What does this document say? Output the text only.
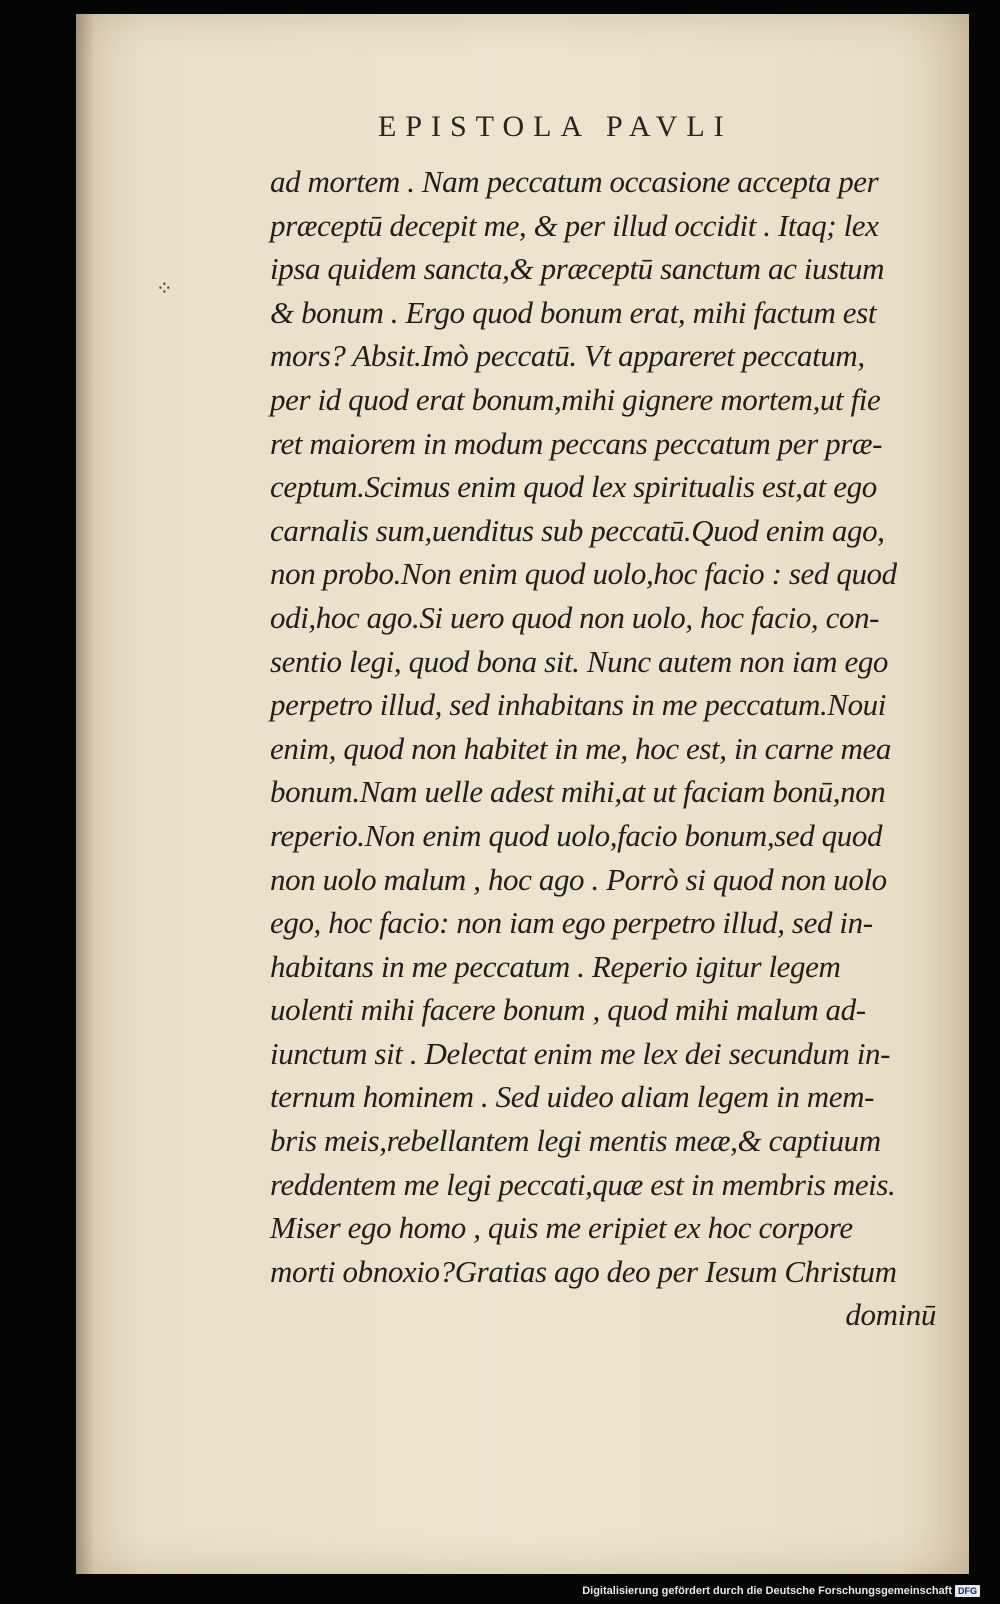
⁘
EPISTOLA PAVLI
ad mortem . Nam peccatum occasione accepta per
præceptū decepit me, & per illud occidit . Itaq; lex
ipsa quidem sancta,& præceptū sanctum ac iustum
& bonum . Ergo quod bonum erat, mihi factum est
mors? Absit.Imò peccatū. Vt appareret peccatum,
per id quod erat bonum,mihi gignere mortem,ut fie
ret maiorem in modum peccans peccatum per præ-
ceptum.Scimus enim quod lex spiritualis est,at ego
carnalis sum,uenditus sub peccatū.Quod enim ago,
non probo.Non enim quod uolo,hoc facio : sed quod
odi,hoc ago.Si uero quod non uolo, hoc facio, con-
sentio legi, quod bona sit. Nunc autem non iam ego
perpetro illud, sed inhabitans in me peccatum.Noui
enim, quod non habitet in me, hoc est, in carne mea
bonum.Nam uelle adest mihi,at ut faciam bonū,non
reperio.Non enim quod uolo,facio bonum,sed quod
non uolo malum , hoc ago . Porrò si quod non uolo
ego, hoc facio: non iam ego perpetro illud, sed in-
habitans in me peccatum . Reperio igitur legem
uolenti mihi facere bonum , quod mihi malum ad-
iunctum sit . Delectat enim me lex dei secundum in-
ternum hominem . Sed uideo aliam legem in mem-
bris meis,rebellantem legi mentis meæ,& captiuum
reddentem me legi peccati,quæ est in membris meis.
Miser ego homo , quis me eripiet ex hoc corpore
morti obnoxio?Gratias ago deo per Iesum Christum
dominū
Digitalisierung gefördert durch die Deutsche Forschungsgemeinschaft DFG
